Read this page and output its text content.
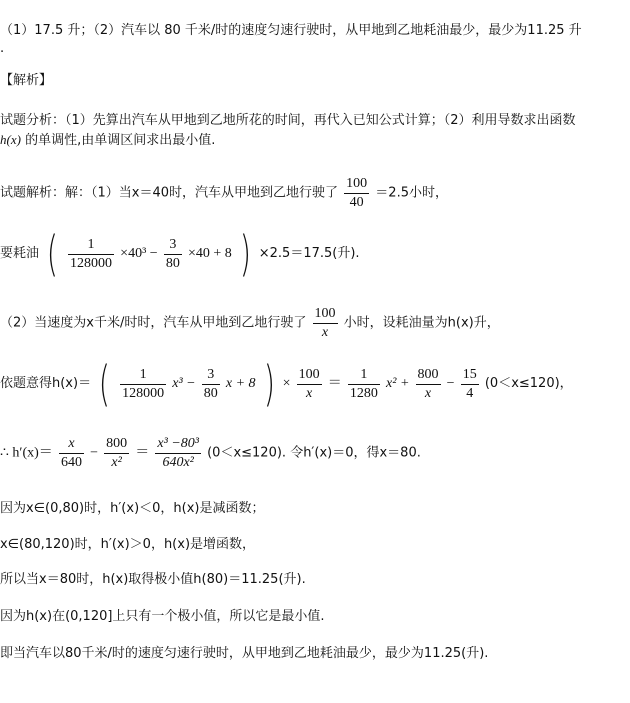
（1）17.5 升；（2）汽车以 80 千米/时的速度匀速行驶时，从甲地到乙地耗油最少，最少为11.25 升
.
【解析】
试题分析：（1）先算出汽车从甲地到乙地所花的时间，再代入已知公式计算；（2）利用导数求出函数
h(x) 的单调性,由单调区间求出最小值.
试题解析：解：（1）当x＝40时，汽车从甲地到乙地行驶了 $\frac{100}{40} =2.5$小时，
要耗油 ( $\frac{1}{128000} \times 40^3 - \frac{3}{80} \times 40 + 8$ ) ×2.5＝17.5(升).
（2）当速度为x千米/时时，汽车从甲地到乙地行驶了 $\frac{100}{x}$ 小时，设耗油量为h(x)升，
依题意得h(x)＝ ( $\frac{1}{128000} x^3 - \frac{3}{80}$ x + 8 ) × $\frac{100}{x} = \frac{1}{1280} x^2 + \frac{800}{x} - \frac{15}{4} (0<x\le 120)$，
∴ $h'(x)= \frac{x}{640} - \frac{800}{\text{x²}} = \frac{\text{x³ −80³}}{\text{640x²}} (0<x\le 120)$. 令h′(x)＝0，得x＝80.
因为x∈(0,80)时，h′(x)＜0，h(x)是减函数；
x∈(80,120)时，h′(x)＞0，h(x)是增函数，
所以当x＝80时，h(x)取得极小值h(80)＝11.25(升).
因为h(x)在(0,120]上只有一个极小值，所以它是最小值.
即当汽车以80千米/时的速度匀速行驶时，从甲地到乙地耗油最少，最少为11.25(升).
